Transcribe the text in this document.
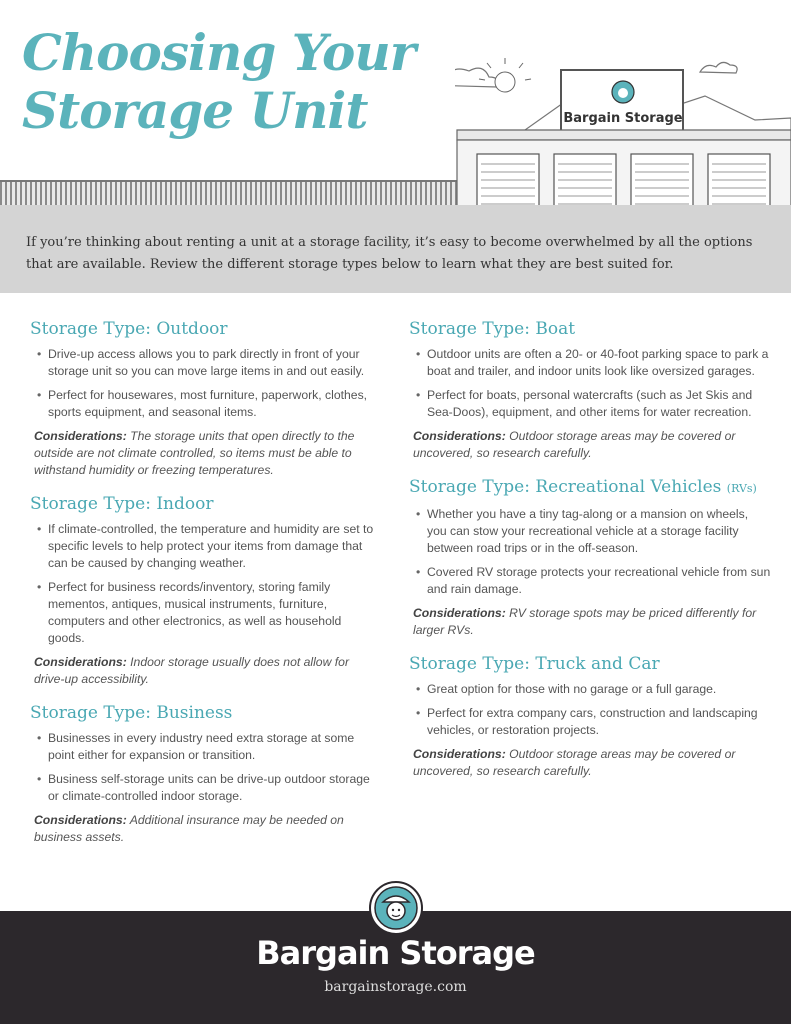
Choosing Your
Storage Unit	Bargain Storage

If you’re thinking about renting a unit at a storage facility, it’s easy to become overwhelmed by all the options that are available. Review the different storage types below to learn what they are best suited for.

Storage Type: Outdoor
• Drive-up access allows you to park directly in front of your storage unit so you can move large items in and out easily.
• Perfect for housewares, most furniture, paperwork, clothes, sports equipment, and seasonal items.

Considerations: The storage units that open directly to the outside are not climate controlled, so items must be able to withstand humidity or freezing temperatures.

Storage Type: Indoor
• If climate-controlled, the temperature and humidity are set to specific levels to help protect your items from damage that can be caused by changing weather.
• Perfect for business records/inventory, storing family mementos, antiques, musical instruments, furniture, computers and other electronics, as well as household goods.

Considerations: Indoor storage usually does not allow for drive-up accessibility.

Storage Type: Business
• Businesses in every industry need extra storage at some point either for expansion or transition.
• Business self-storage units can be drive-up outdoor storage or climate-controlled indoor storage.

Considerations: Additional insurance may be needed on business assets.

Storage Type: Boat
• Outdoor units are often a 20- or 40-foot parking space to park a boat and trailer, and indoor units look like oversized garages.
• Perfect for boats, personal watercrafts (such as Jet Skis and Sea-Doos), equipment, and other items for water recreation.

Considerations: Outdoor storage areas may be covered or uncovered, so research carefully.

Storage Type: Recreational Vehicles (RVs)
• Whether you have a tiny tag-along or a mansion on wheels, you can stow your recreational vehicle at a storage facility between road trips or in the off-season.
• Covered RV storage protects your recreational vehicle from sun and rain damage.

Considerations: RV storage spots may be priced differently for larger RVs.

Storage Type: Truck and Car
• Great option for those with no garage or a full garage.
• Perfect for extra company cars, construction and landscaping vehicles, or restoration projects.

Considerations: Outdoor storage areas may be covered or uncovered, so research carefully.

Bargain Storage

bargainstorage.com
